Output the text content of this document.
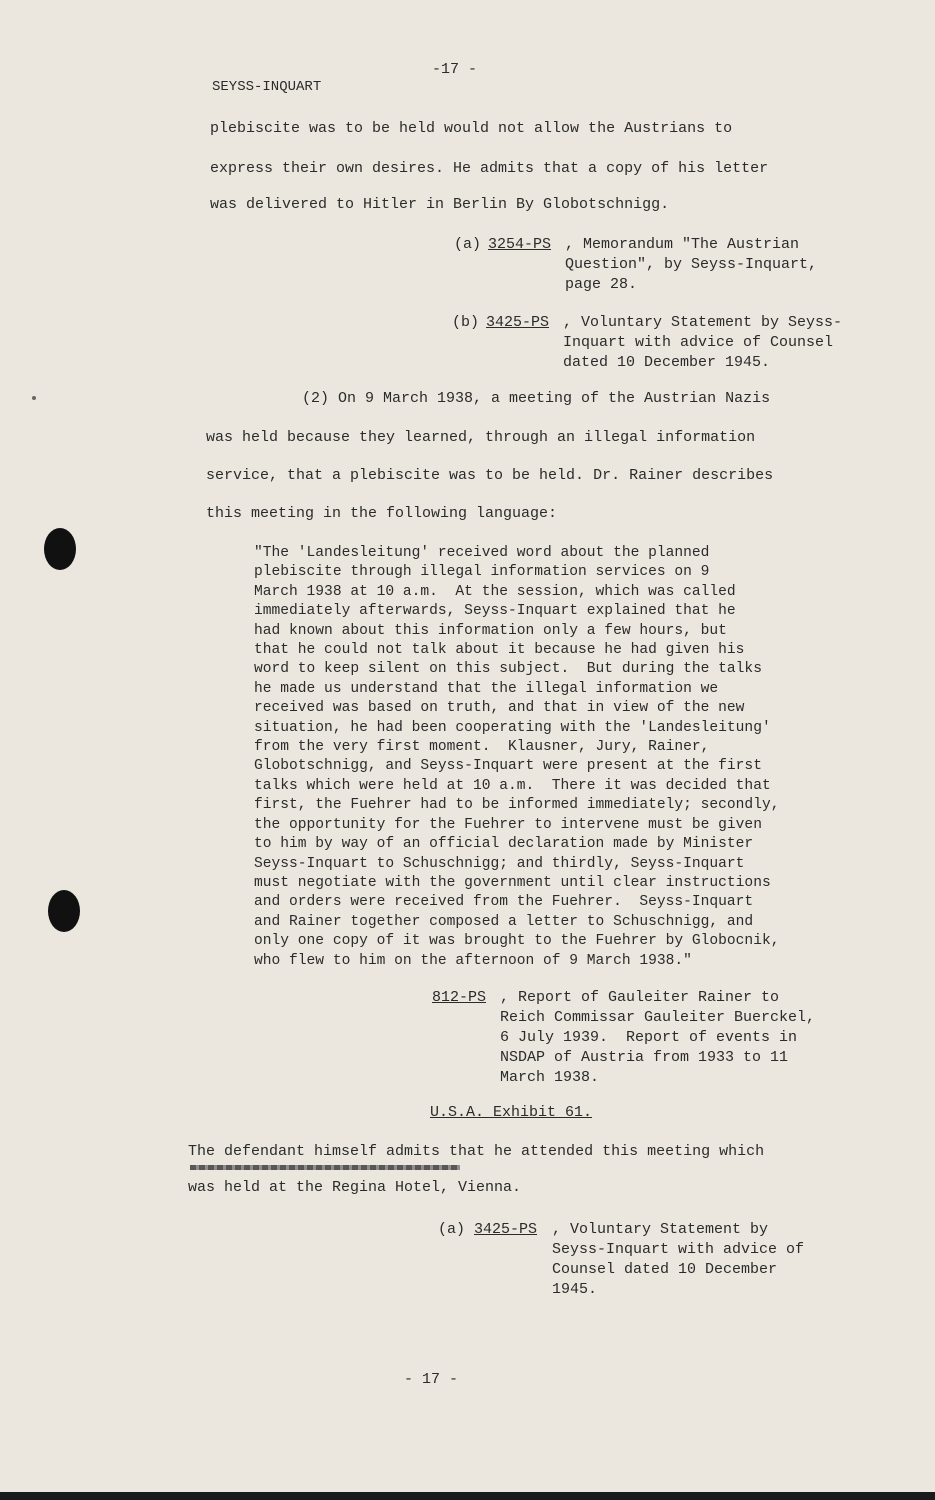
-17 -
SEYSS-INQUART
plebiscite was to be held would not allow the Austrians to
express their own desires. He admits that a copy of his letter
was delivered to Hitler in Berlin By Globotschnigg.
(a) 3254-PS , Memorandum "The Austrian
Question", by Seyss-Inquart,
page 28.
(b) 3425-PS , Voluntary Statement by Seyss-
Inquart with advice of Counsel
dated 10 December 1945.
(2) On 9 March 1938, a meeting of the Austrian Nazis
was held because they learned, through an illegal information
service, that a plebiscite was to be held. Dr. Rainer describes
this meeting in the following language:
"The 'Landesleitung' received word about the planned
plebiscite through illegal information services on 9
March 1938 at 10 a.m.  At the session, which was called
immediately afterwards, Seyss-Inquart explained that he
had known about this information only a few hours, but
that he could not talk about it because he had given his
word to keep silent on this subject.  But during the talks
he made us understand that the illegal information we
received was based on truth, and that in view of the new
situation, he had been cooperating with the 'Landesleitung'
from the very first moment.  Klausner, Jury, Rainer,
Globotschnigg, and Seyss-Inquart were present at the first
talks which were held at 10 a.m.  There it was decided that
first, the Fuehrer had to be informed immediately; secondly,
the opportunity for the Fuehrer to intervene must be given
to him by way of an official declaration made by Minister
Seyss-Inquart to Schuschnigg; and thirdly, Seyss-Inquart
must negotiate with the government until clear instructions
and orders were received from the Fuehrer.  Seyss-Inquart
and Rainer together composed a letter to Schuschnigg, and
only one copy of it was brought to the Fuehrer by Globocnik,
who flew to him on the afternoon of 9 March 1938."
812-PS , Report of Gauleiter Rainer to
Reich Commissar Gauleiter Buerckel,
6 July 1939.  Report of events in
NSDAP of Austria from 1933 to 11
March 1938.
U.S.A. Exhibit 61.
The defendant himself admits that he attended this meeting which
was held at the Regina Hotel, Vienna.
(a) 3425-PS , Voluntary Statement by
Seyss-Inquart with advice of
Counsel dated 10 December
1945.
- 17 -
